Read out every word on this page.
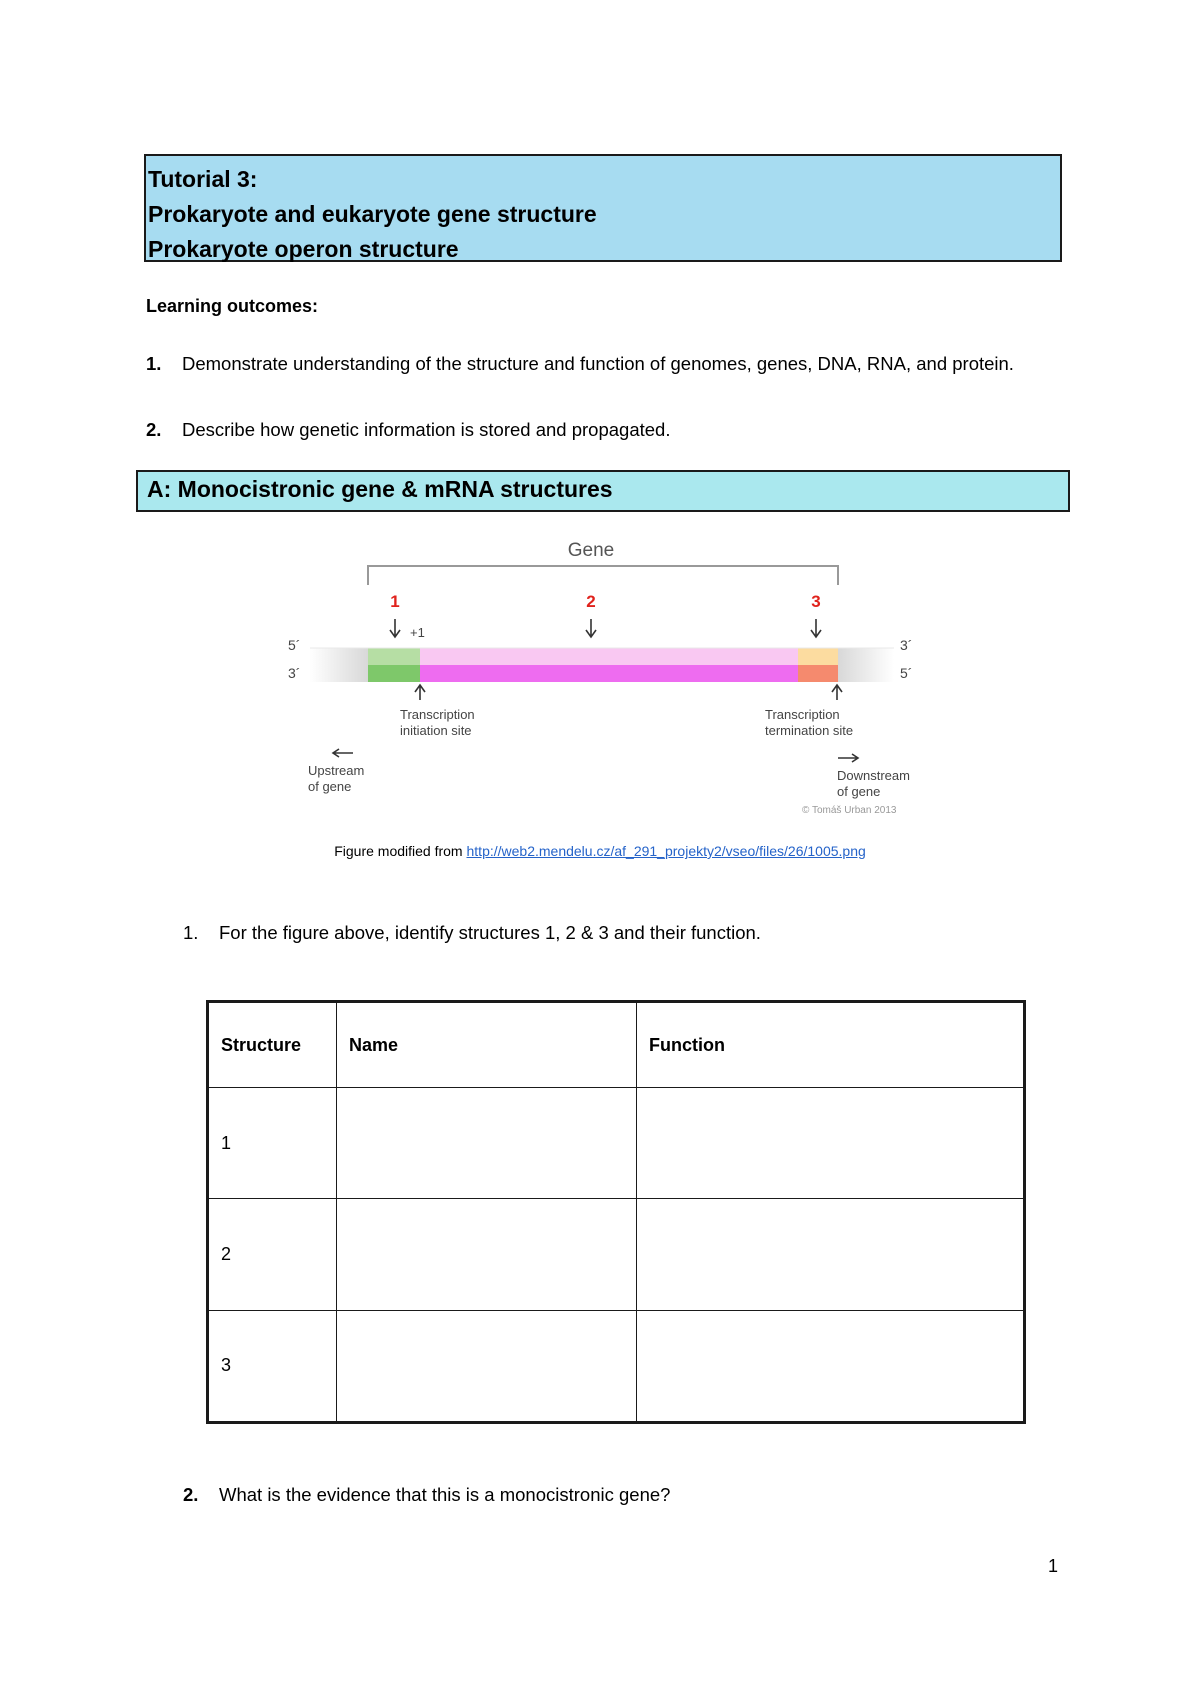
Tutorial 3:
Prokaryote and eukaryote gene structure
Prokaryote operon structure
Learning outcomes:
1. Demonstrate understanding of the structure and function of genomes, genes, DNA, RNA, and protein.
2. Describe how genetic information is stored and propagated.
A: Monocistronic gene & mRNA structures
Gene
1	2	3
+1
5´
3´
3´
5´
Transcription
initiation site
Transcription
termination site
Upstream
of gene
Downstream
of gene
© Tomáš Urban 2013
Figure modified from http://web2.mendelu.cz/af_291_projekty2/vseo/files/26/1005.png
1. For the figure above, identify structures 1, 2 & 3 and their function.
Structure	Name	Function
1		
2		
3		
2. What is the evidence that this is a monocistronic gene?
1
